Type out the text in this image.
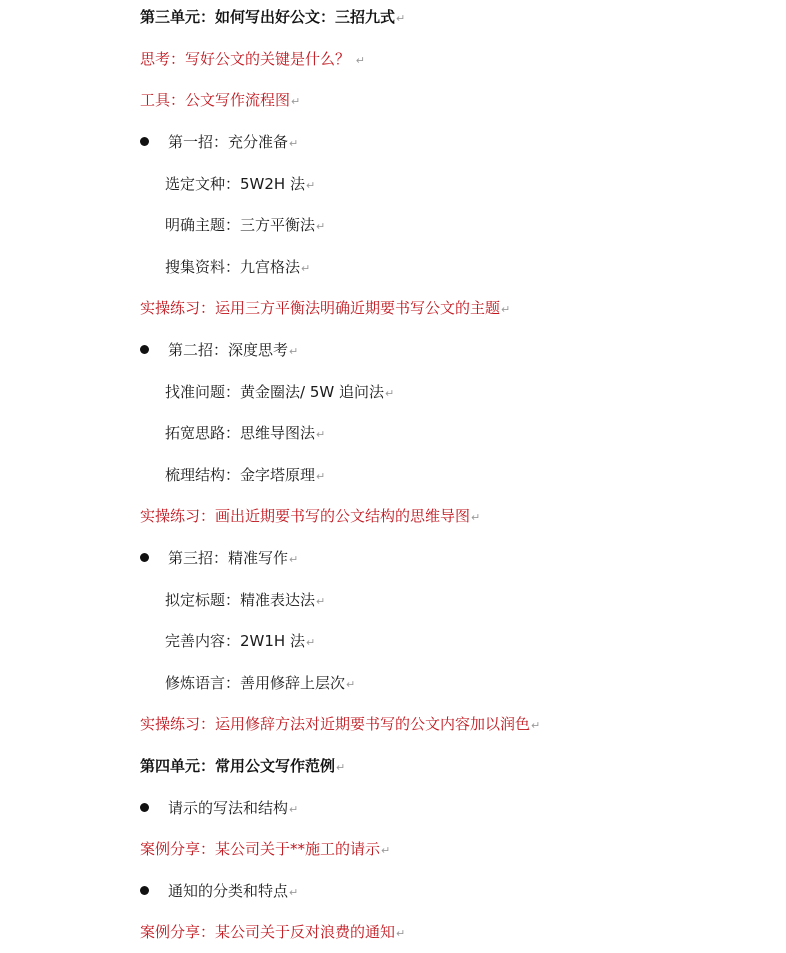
第三单元：如何写出好公文：三招九式↵
思考：写好公文的关键是什么？ ↵
工具：公文写作流程图↵
第一招：充分准备↵
选定文种：5W2H 法↵
明确主题：三方平衡法↵
搜集资料：九宫格法↵
实操练习：运用三方平衡法明确近期要书写公文的主题↵
第二招：深度思考↵
找准问题：黄金圈法/ 5W 追问法↵
拓宽思路：思维导图法↵
梳理结构：金字塔原理↵
实操练习：画出近期要书写的公文结构的思维导图↵
第三招：精准写作↵
拟定标题：精准表达法↵
完善内容：2W1H 法↵
修炼语言：善用修辞上层次↵
实操练习：运用修辞方法对近期要书写的公文内容加以润色↵
第四单元：常用公文写作范例↵
请示的写法和结构↵
案例分享：某公司关于**施工的请示↵
通知的分类和特点↵
案例分享：某公司关于反对浪费的通知↵
